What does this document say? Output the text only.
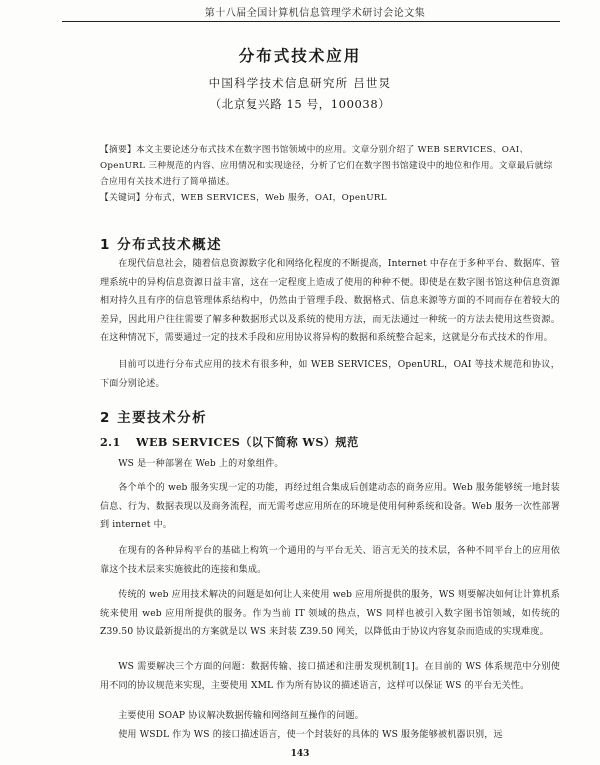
第十八届全国计算机信息管理学术研讨会论文集
分布式技术应用
中国科学技术信息研究所 吕世炅
（北京复兴路 15 号，100038）

【摘要】本文主要论述分布式技术在数字图书馆领域中的应用。文章分别介绍了 WEB SERVICES、OAI、OpenURL 三种规范的内容、应用情况和实现途径，分析了它们在数字图书馆建设中的地位和作用。文章最后就综合应用有关技术进行了简单描述。

【关键词】分布式，WEB SERVICES，Web 服务，OAI，OpenURL

1 分布式技术概述

在现代信息社会，随着信息资源数字化和网络化程度的不断提高，Internet 中存在于多种平台、数据库、管理系统中的异构信息资源日益丰富，这在一定程度上造成了使用的种种不便。即使是在数字图书馆这种信息资源相对持久且有序的信息管理体系结构中，仍然由于管理手段、数据格式、信息来源等方面的不同而存在着较大的差异，因此用户往往需要了解多种数据形式以及系统的使用方法，而无法通过一种统一的方法去使用这些资源。在这种情况下，需要通过一定的技术手段和应用协议将异构的数据和系统整合起来，这就是分布式技术的作用。

目前可以进行分布式应用的技术有很多种，如 WEB SERVICES，OpenURL，OAI 等技术规范和协议，下面分别论述。

2 主要技术分析
2.1 WEB SERVICES（以下简称 WS）规范

WS 是一种部署在 Web 上的对象组件。

各个单个的 web 服务实现一定的功能，再经过组合集成后创建动态的商务应用。Web 服务能够统一地封装信息、行为、数据表现以及商务流程，而无需考虑应用所在的环境是使用何种系统和设备。Web 服务一次性部署到 internet 中。

在现有的各种异构平台的基础上构筑一个通用的与平台无关、语言无关的技术层，各种不同平台上的应用依靠这个技术层来实施彼此的连接和集成。

传统的 web 应用技术解决的问题是如何让人来使用 web 应用所提供的服务，WS 则要解决如何让计算机系统来使用 web 应用所提供的服务。作为当前 IT 领域的热点，WS 同样也被引入数字图书馆领域，如传统的 Z39.50 协议最新提出的方案就是以 WS 来封装 Z39.50 网关，以降低由于协议内容复杂而造成的实现难度。

WS 需要解决三个方面的问题：数据传输、接口描述和注册发现机制[1]。在目前的 WS 体系规范中分别使用不同的协议规范来实现，主要使用 XML 作为所有协议的描述语言，这样可以保证 WS 的平台无关性。

主要使用 SOAP 协议解决数据传输和网络间互操作的问题。

使用 WSDL 作为 WS 的接口描述语言，使一个封装好的具体的 WS 服务能够被机器识别，远

143
